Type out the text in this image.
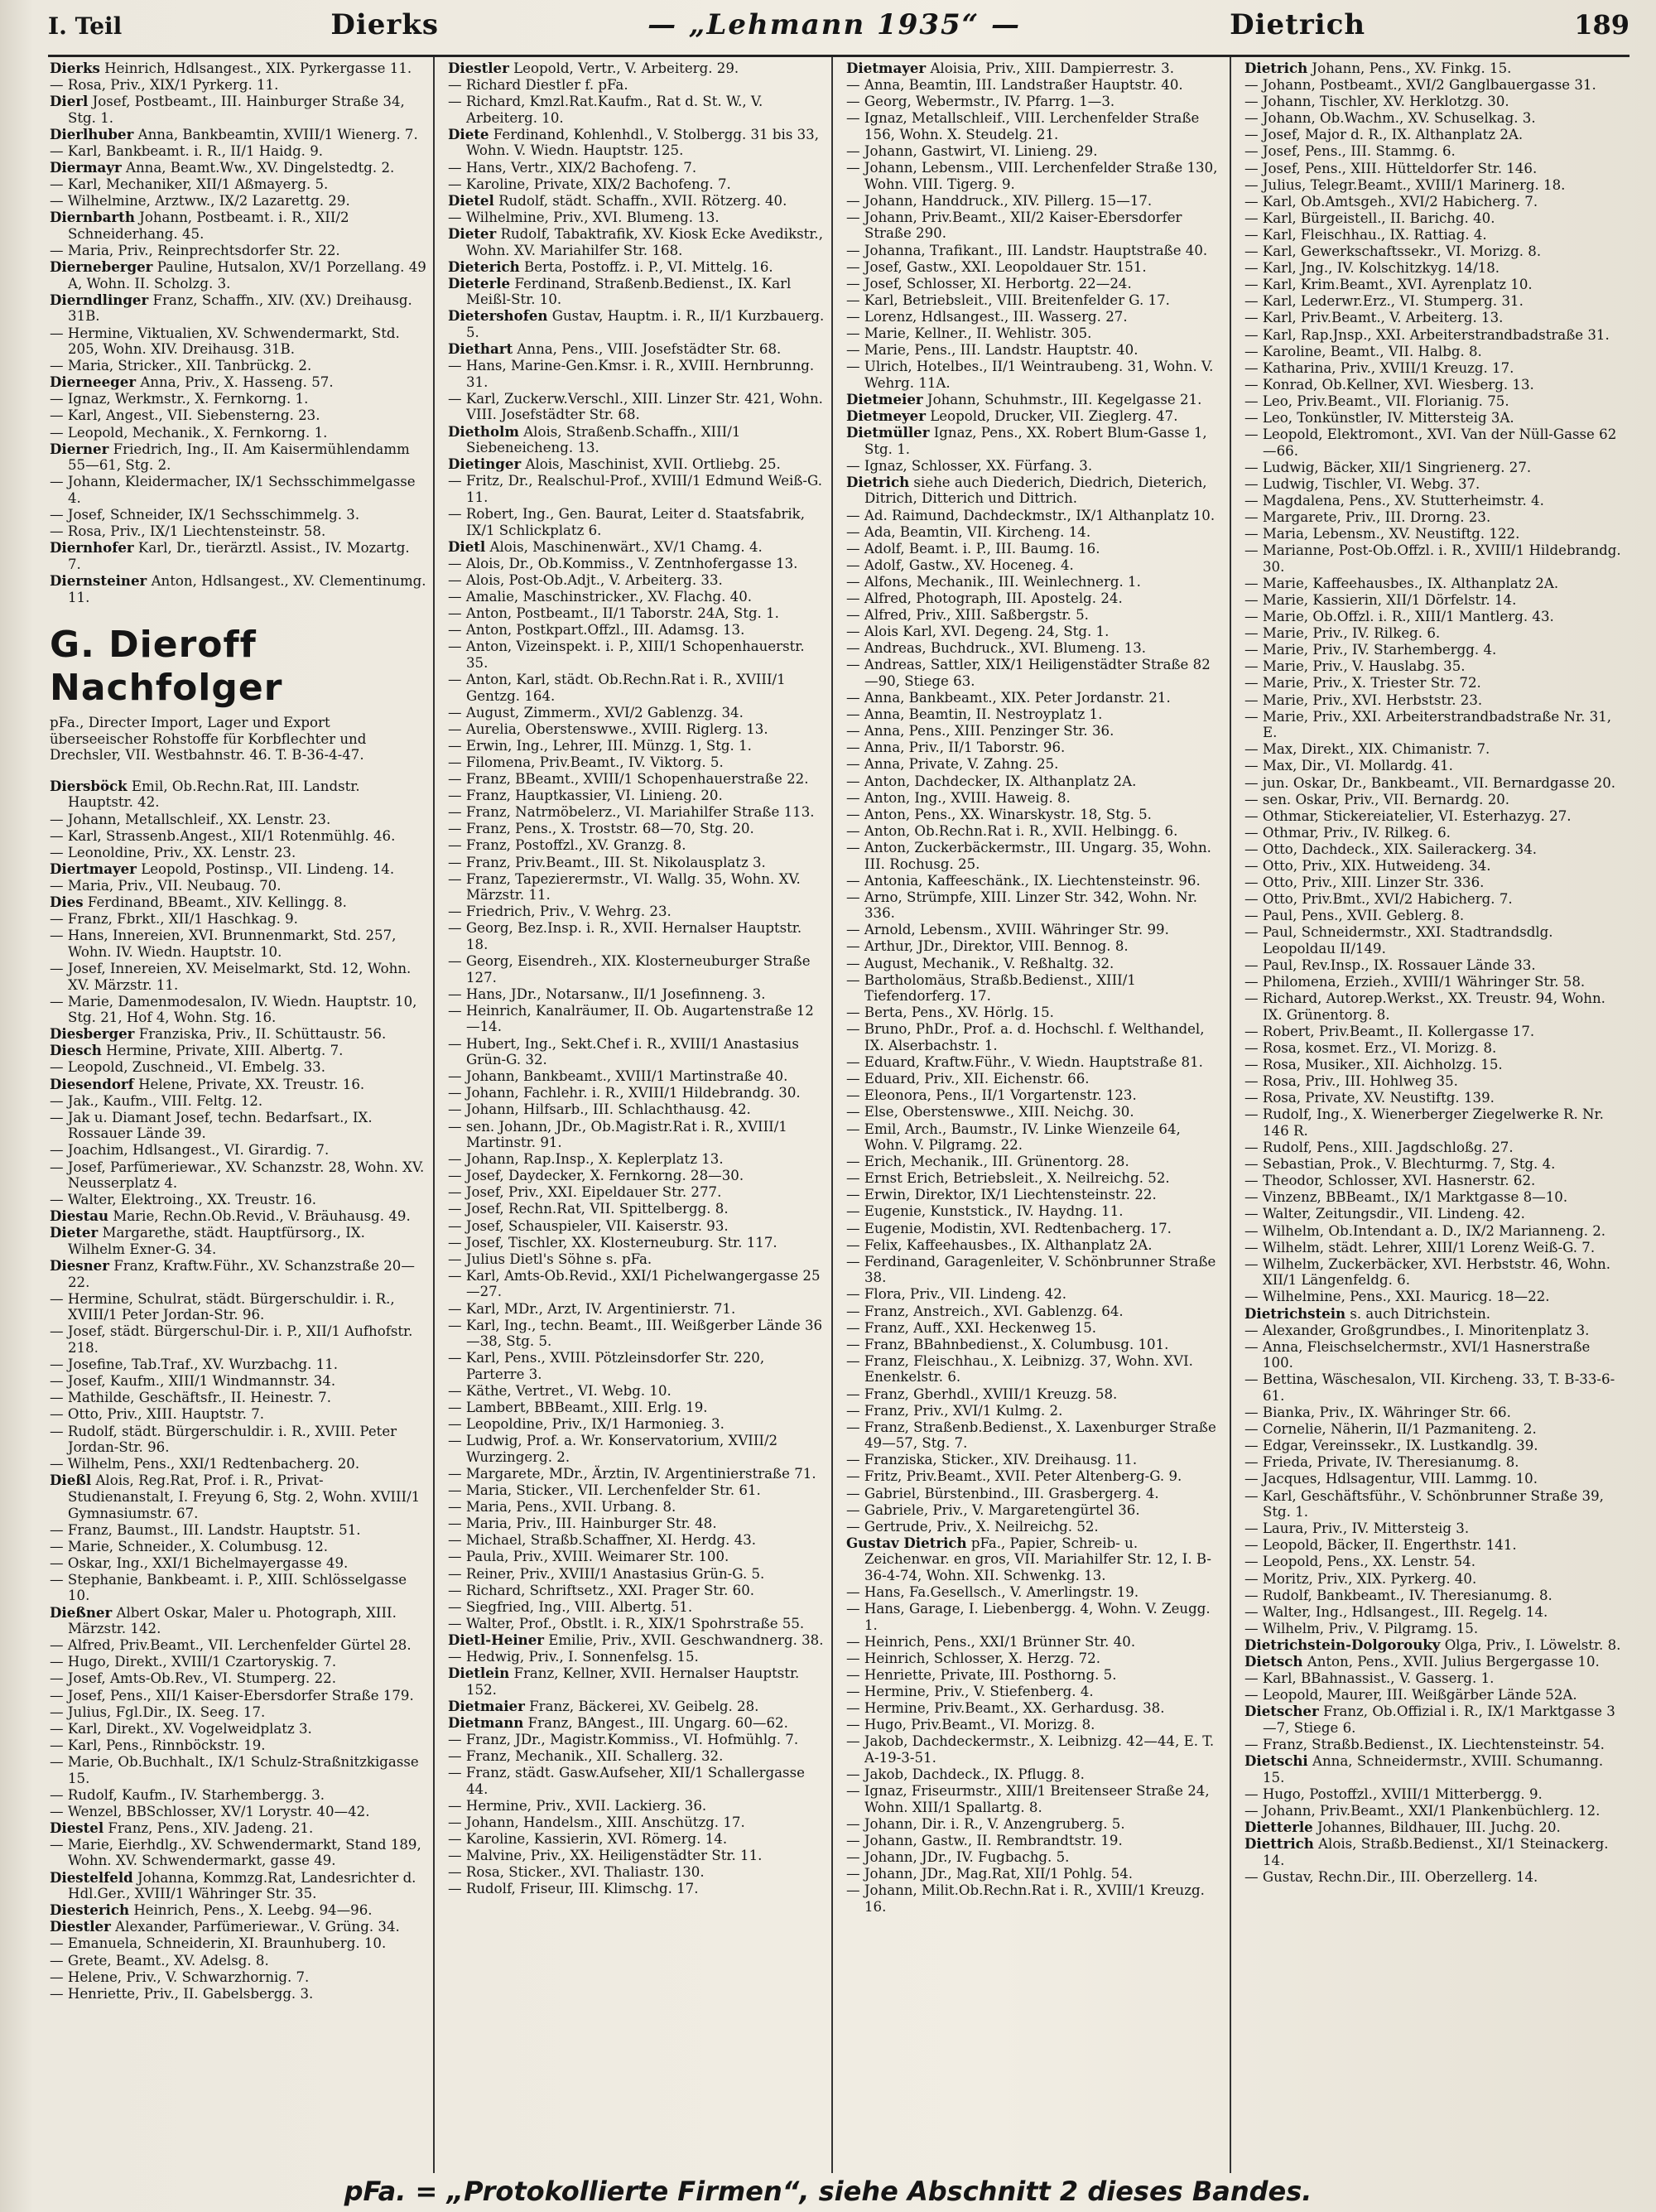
I. Teil	Dierks	— „Lehmann 1935“ —	Dietrich	189
Dierks Heinrich, Hdlsangest., XIX. Pyrkergasse 11.
— Rosa, Priv., XIX/1 Pyrkerg. 11.
Dierl Josef, Postbeamt., III. Hainburger Straße 34, Stg. 1.
Dierlhuber Anna, Bankbeamtin, XVIII/1 Wienerg. 7.
— Karl, Bankbeamt. i. R., II/1 Haidg. 9.
Diermayr Anna, Beamt.Ww., XV. Dingelstedtg. 2.
— Karl, Mechaniker, XII/1 Aßmayerg. 5.
— Wilhelmine, Arztww., IX/2 Lazarettg. 29.
Diernbarth Johann, Postbeamt. i. R., XII/2 Schneiderhang. 45.
— Maria, Priv., Reinprechtsdorfer Str. 22.
Dierneberger Pauline, Hutsalon, XV/1 Porzellang. 49 A, Wohn. II. Scholzg. 3.
Dierndlinger Franz, Schaffn., XIV. (XV.) Dreihausg. 31B.
— Hermine, Viktualien, XV. Schwendermarkt, Std. 205, Wohn. XIV. Dreihausg. 31B.
— Maria, Stricker., XII. Tanbrückg. 2.
Dierneeger Anna, Priv., X. Hasseng. 57.
— Ignaz, Werkmstr., X. Fernkorng. 1.
— Karl, Angest., VII. Siebensterng. 23.
— Leopold, Mechanik., X. Fernkorng. 1.
Dierner Friedrich, Ing., II. Am Kaisermühlendamm 55—61, Stg. 2.
— Johann, Kleidermacher, IX/1 Sechsschimmelgasse 4.
— Josef, Schneider, IX/1 Sechsschimmelg. 3.
— Rosa, Priv., IX/1 Liechtensteinstr. 58.
Diernhofer Karl, Dr., tierärztl. Assist., IV. Mozartg. 7.
Diernsteiner Anton, Hdlsangest., XV. Clementinumg. 11.
G. Dieroff Nachfolger
pFa., Directer Import, Lager und Export überseeischer Rohstoffe für Korbflechter und Drechsler, VII. Westbahnstr. 46. T. B-36-4-47.
Diersböck Emil, Ob.Rechn.Rat, III. Landstr. Hauptstr. 42.
— Johann, Metallschleif., XX. Lenstr. 23.
— Karl, Strassenb.Angest., XII/1 Rotenmühlg. 46.
— Leonoldine, Priv., XX. Lenstr. 23.
Diertmayer Leopold, Postinsp., VII. Lindeng. 14.
— Maria, Priv., VII. Neubaug. 70.
Dies Ferdinand, BBeamt., XIV. Kellingg. 8.
— Franz, Fbrkt., XII/1 Haschkag. 9.
— Hans, Innereien, XVI. Brunnenmarkt, Std. 257, Wohn. IV. Wiedn. Hauptstr. 10.
— Josef, Innereien, XV. Meiselmarkt, Std. 12, Wohn. XV. Märzstr. 11.
— Marie, Damenmodesalon, IV. Wiedn. Hauptstr. 10, Stg. 21, Hof 4, Wohn. Stg. 16.
Diesberger Franziska, Priv., II. Schüttaustr. 56.
Diesch Hermine, Private, XIII. Albertg. 7.
— Leopold, Zuschneid., VI. Embelg. 33.
Diesendorf Helene, Private, XX. Treustr. 16.
— Jak., Kaufm., VIII. Feltg. 12.
— Jak u. Diamant Josef, techn. Bedarfsart., IX. Rossauer Lände 39.
— Joachim, Hdlsangest., VI. Girardig. 7.
— Josef, Parfümeriewar., XV. Schanzstr. 28, Wohn. XV. Neusserplatz 4.
— Walter, Elektroing., XX. Treustr. 16.
Diestau Marie, Rechn.Ob.Revid., V. Bräuhausg. 49.
Dieter Margarethe, städt. Hauptfürsorg., IX. Wilhelm Exner-G. 34.
Diesner Franz, Kraftw.Führ., XV. Schanzstraße 20—22.
— Hermine, Schulrat, städt. Bürgerschuldir. i. R., XVIII/1 Peter Jordan-Str. 96.
— Josef, städt. Bürgerschul-Dir. i. P., XII/1 Aufhofstr. 218.
— Josefine, Tab.Traf., XV. Wurzbachg. 11.
— Josef, Kaufm., XIII/1 Windmannstr. 34.
— Mathilde, Geschäftsfr., II. Heinestr. 7.
— Otto, Priv., XIII. Hauptstr. 7.
— Rudolf, städt. Bürgerschuldir. i. R., XVIII. Peter Jordan-Str. 96.
— Wilhelm, Pens., XXI/1 Redtenbacherg. 20.
Dießl Alois, Reg.Rat, Prof. i. R., Privat-Studienanstalt, I. Freyung 6, Stg. 2, Wohn. XVIII/1 Gymnasiumstr. 67.
— Franz, Baumst., III. Landstr. Hauptstr. 51.
— Marie, Schneider., X. Columbusg. 12.
— Oskar, Ing., XXI/1 Bichelmayergasse 49.
— Stephanie, Bankbeamt. i. P., XIII. Schlösselgasse 10.
Dießner Albert Oskar, Maler u. Photograph, XIII. Märzstr. 142.
— Alfred, Priv.Beamt., VII. Lerchenfelder Gürtel 28.
— Hugo, Direkt., XVIII/1 Czartoryskig. 7.
— Josef, Amts-Ob.Rev., VI. Stumperg. 22.
— Josef, Pens., XII/1 Kaiser-Ebersdorfer Straße 179.
— Julius, Fgl.Dir., IX. Seeg. 17.
— Karl, Direkt., XV. Vogelweidplatz 3.
— Karl, Pens., Rinnböckstr. 19.
— Marie, Ob.Buchhalt., IX/1 Schulz-Straßnitzkigasse 15.
— Rudolf, Kaufm., IV. Starhembergg. 3.
— Wenzel, BBSchlosser, XV/1 Lorystr. 40—42.
Diestel Franz, Pens., XIV. Jadeng. 21.
— Marie, Eierhdlg., XV. Schwendermarkt, Stand 189, Wohn. XV. Schwendermarkt, gasse 49.
Diestelfeld Johanna, Kommzg.Rat, Landesrichter d. Hdl.Ger., XVIII/1 Währinger Str. 35.
Diesterich Heinrich, Pens., X. Leebg. 94—96.
Diestler Alexander, Parfümeriewar., V. Grüng. 34.
— Emanuela, Schneiderin, XI. Braunhuberg. 10.
— Grete, Beamt., XV. Adelsg. 8.
— Helene, Priv., V. Schwarzhornig. 7.
— Henriette, Priv., II. Gabelsbergg. 3.
Diestler Leopold, Vertr., V. Arbeiterg. 29.
— Richard Diestler f. pFa.
— Richard, Kmzl.Rat.Kaufm., Rat d. St. W., V. Arbeiterg. 10.
Diete Ferdinand, Kohlenhdl., V. Stolbergg. 31 bis 33, Wohn. V. Wiedn. Hauptstr. 125.
— Hans, Vertr., XIX/2 Bachofeng. 7.
— Karoline, Private, XIX/2 Bachofeng. 7.
Dietel Rudolf, städt. Schaffn., XVII. Rötzerg. 40.
— Wilhelmine, Priv., XVI. Blumeng. 13.
Dieter Rudolf, Tabaktrafik, XV. Kiosk Ecke Avedikstr., Wohn. XV. Mariahilfer Str. 168.
Dieterich Berta, Postoffz. i. P., VI. Mittelg. 16.
Dieterle Ferdinand, Straßenb.Bedienst., IX. Karl Meißl-Str. 10.
Dietershofen Gustav, Hauptm. i. R., II/1 Kurzbauerg. 5.
Diethart Anna, Pens., VIII. Josefstädter Str. 68.
— Hans, Marine-Gen.Kmsr. i. R., XVIII. Hernbrunng. 31.
— Karl, Zuckerw.Verschl., XIII. Linzer Str. 421, Wohn. VIII. Josefstädter Str. 68.
Dietholm Alois, Straßenb.Schaffn., XIII/1 Siebeneicheng. 13.
Dietinger Alois, Maschinist, XVII. Ortliebg. 25.
— Fritz, Dr., Realschul-Prof., XVIII/1 Edmund Weiß-G. 11.
— Robert, Ing., Gen. Baurat, Leiter d. Staatsfabrik, IX/1 Schlickplatz 6.
Dietl Alois, Maschinenwärt., XV/1 Chamg. 4.
— Alois, Dr., Ob.Kommiss., V. Zentnhofergasse 13.
— Alois, Post-Ob.Adjt., V. Arbeiterg. 33.
— Amalie, Maschinstricker., XV. Flachg. 40.
— Anton, Postbeamt., II/1 Taborstr. 24A, Stg. 1.
— Anton, Postkpart.Offzl., III. Adamsg. 13.
— Anton, Vizeinspekt. i. P., XIII/1 Schopenhauerstr. 35.
— Anton, Karl, städt. Ob.Rechn.Rat i. R., XVIII/1 Gentzg. 164.
— August, Zimmerm., XVI/2 Gablenzg. 34.
— Aurelia, Oberstenswwe., XVIII. Riglerg. 13.
— Erwin, Ing., Lehrer, III. Münzg. 1, Stg. 1.
— Filomena, Priv.Beamt., IV. Viktorg. 5.
— Franz, BBeamt., XVIII/1 Schopenhauerstraße 22.
— Franz, Hauptkassier, VI. Linieng. 20.
— Franz, Natrmöbelerz., VI. Mariahilfer Straße 113.
— Franz, Pens., X. Troststr. 68—70, Stg. 20.
— Franz, Postoffzl., XV. Granzg. 8.
— Franz, Priv.Beamt., III. St. Nikolausplatz 3.
— Franz, Tapezierermstr., VI. Wallg. 35, Wohn. XV. Märzstr. 11.
— Friedrich, Priv., V. Wehrg. 23.
— Georg, Bez.Insp. i. R., XVII. Hernalser Hauptstr. 18.
— Georg, Eisendreh., XIX. Klosterneuburger Straße 127.
— Hans, JDr., Notarsanw., II/1 Josefinneng. 3.
— Heinrich, Kanalräumer, II. Ob. Augartenstraße 12—14.
— Hubert, Ing., Sekt.Chef i. R., XVIII/1 Anastasius Grün-G. 32.
— Johann, Bankbeamt., XVIII/1 Martinstraße 40.
— Johann, Fachlehr. i. R., XVIII/1 Hildebrandg. 30.
— Johann, Hilfsarb., III. Schlachthausg. 42.
— sen. Johann, JDr., Ob.Magistr.Rat i. R., XVIII/1 Martinstr. 91.
— Johann, Rap.Insp., X. Keplerplatz 13.
— Josef, Daydecker, X. Fernkorng. 28—30.
— Josef, Priv., XXI. Eipeldauer Str. 277.
— Josef, Rechn.Rat, VII. Spittelbergg. 8.
— Josef, Schauspieler, VII. Kaiserstr. 93.
— Josef, Tischler, XX. Klosterneuburg. Str. 117.
— Julius Dietl's Söhne s. pFa.
— Karl, Amts-Ob.Revid., XXI/1 Pichelwangergasse 25—27.
— Karl, MDr., Arzt, IV. Argentinierstr. 71.
— Karl, Ing., techn. Beamt., III. Weißgerber Lände 36—38, Stg. 5.
— Karl, Pens., XVIII. Pötzleinsdorfer Str. 220, Parterre 3.
— Käthe, Vertret., VI. Webg. 10.
— Lambert, BBBeamt., XIII. Erlg. 19.
— Leopoldine, Priv., IX/1 Harmonieg. 3.
— Ludwig, Prof. a. Wr. Konservatorium, XVIII/2 Wurzingerg. 2.
— Margarete, MDr., Ärztin, IV. Argentinierstraße 71.
— Maria, Sticker., VII. Lerchenfelder Str. 61.
— Maria, Pens., XVII. Urbang. 8.
— Maria, Priv., III. Hainburger Str. 48.
— Michael, Straßb.Schaffner, XI. Herdg. 43.
— Paula, Priv., XVIII. Weimarer Str. 100.
— Reiner, Priv., XVIII/1 Anastasius Grün-G. 5.
— Richard, Schriftsetz., XXI. Prager Str. 60.
— Siegfried, Ing., VIII. Albertg. 51.
— Walter, Prof., Obstlt. i. R., XIX/1 Spohrstraße 55.
Dietl-Heiner Emilie, Priv., XVII. Geschwandnerg. 38.
— Hedwig, Priv., I. Sonnenfelsg. 15.
Dietlein Franz, Kellner, XVII. Hernalser Hauptstr. 152.
Dietmaier Franz, Bäckerei, XV. Geibelg. 28.
Dietmann Franz, BAngest., III. Ungarg. 60—62.
— Franz, JDr., Magistr.Kommiss., VI. Hofmühlg. 7.
— Franz, Mechanik., XII. Schallerg. 32.
— Franz, städt. Gasw.Aufseher, XII/1 Schallergasse 44.
— Hermine, Priv., XVII. Lackierg. 36.
— Johann, Handelsm., XIII. Anschützg. 17.
— Karoline, Kassierin, XVI. Römerg. 14.
— Malvine, Priv., XX. Heiligenstädter Str. 11.
— Rosa, Sticker., XVI. Thaliastr. 130.
— Rudolf, Friseur, III. Klimschg. 17.
Dietmayer Aloisia, Priv., XIII. Dampierrestr. 3.
— Anna, Beamtin, III. Landstraßer Hauptstr. 40.
— Georg, Webermstr., IV. Pfarrg. 1—3.
— Ignaz, Metallschleif., VIII. Lerchenfelder Straße 156, Wohn. X. Steudelg. 21.
— Johann, Gastwirt, VI. Linieng. 29.
— Johann, Lebensm., VIII. Lerchenfelder Straße 130, Wohn. VIII. Tigerg. 9.
— Johann, Handdruck., XIV. Pillerg. 15—17.
— Johann, Priv.Beamt., XII/2 Kaiser-Ebersdorfer Straße 290.
— Johanna, Trafikant., III. Landstr. Hauptstraße 40.
— Josef, Gastw., XXI. Leopoldauer Str. 151.
— Josef, Schlosser, XI. Herbortg. 22—24.
— Karl, Betriebsleit., VIII. Breitenfelder G. 17.
— Lorenz, Hdlsangest., III. Wasserg. 27.
— Marie, Kellner., II. Wehlistr. 305.
— Marie, Pens., III. Landstr. Hauptstr. 40.
— Ulrich, Hotelbes., II/1 Weintraubeng. 31, Wohn. V. Wehrg. 11A.
Dietmeier Johann, Schuhmstr., III. Kegelgasse 21.
Dietmeyer Leopold, Drucker, VII. Zieglerg. 47.
Dietmüller Ignaz, Pens., XX. Robert Blum-Gasse 1, Stg. 1.
— Ignaz, Schlosser, XX. Fürfang. 3.
Dietrich siehe auch Diederich, Diedrich, Dieterich, Ditrich, Ditterich und Dittrich.
— Ad. Raimund, Dachdeckmstr., IX/1 Althanplatz 10.
— Ada, Beamtin, VII. Kircheng. 14.
— Adolf, Beamt. i. P., III. Baumg. 16.
— Adolf, Gastw., XV. Hoceneg. 4.
— Alfons, Mechanik., III. Weinlechnerg. 1.
— Alfred, Photograph, III. Apostelg. 24.
— Alfred, Priv., XIII. Saßbergstr. 5.
— Alois Karl, XVI. Degeng. 24, Stg. 1.
— Andreas, Buchdruck., XVI. Blumeng. 13.
— Andreas, Sattler, XIX/1 Heiligenstädter Straße 82—90, Stiege 63.
— Anna, Bankbeamt., XIX. Peter Jordanstr. 21.
— Anna, Beamtin, II. Nestroyplatz 1.
— Anna, Pens., XIII. Penzinger Str. 36.
— Anna, Priv., II/1 Taborstr. 96.
— Anna, Private, V. Zahng. 25.
— Anton, Dachdecker, IX. Althanplatz 2A.
— Anton, Ing., XVIII. Haweig. 8.
— Anton, Pens., XX. Winarskystr. 18, Stg. 5.
— Anton, Ob.Rechn.Rat i. R., XVII. Helbingg. 6.
— Anton, Zuckerbäckermstr., III. Ungarg. 35, Wohn. III. Rochusg. 25.
— Antonia, Kaffeeschänk., IX. Liechtensteinstr. 96.
— Arno, Strümpfe, XIII. Linzer Str. 342, Wohn. Nr. 336.
— Arnold, Lebensm., XVIII. Währinger Str. 99.
— Arthur, JDr., Direktor, VIII. Bennog. 8.
— August, Mechanik., V. Reßhaltg. 32.
— Bartholomäus, Straßb.Bedienst., XIII/1 Tiefendorferg. 17.
— Berta, Pens., XV. Hörlg. 15.
— Bruno, PhDr., Prof. a. d. Hochschl. f. Welthandel, IX. Alserbachstr. 1.
— Eduard, Kraftw.Führ., V. Wiedn. Hauptstraße 81.
— Eduard, Priv., XII. Eichenstr. 66.
— Eleonora, Pens., II/1 Vorgartenstr. 123.
— Else, Oberstenswwe., XIII. Neichg. 30.
— Emil, Arch., Baumstr., IV. Linke Wienzeile 64, Wohn. V. Pilgramg. 22.
— Erich, Mechanik., III. Grünentorg. 28.
— Ernst Erich, Betriebsleit., X. Neilreichg. 52.
— Erwin, Direktor, IX/1 Liechtensteinstr. 22.
— Eugenie, Kunststick., IV. Haydng. 11.
— Eugenie, Modistin, XVI. Redtenbacherg. 17.
— Felix, Kaffeehausbes., IX. Althanplatz 2A.
— Ferdinand, Garagenleiter, V. Schönbrunner Straße 38.
— Flora, Priv., VII. Lindeng. 42.
— Franz, Anstreich., XVI. Gablenzg. 64.
— Franz, Auff., XXI. Heckenweg 15.
— Franz, BBahnbedienst., X. Columbusg. 101.
— Franz, Fleischhau., X. Leibnizg. 37, Wohn. XVI. Enenkelstr. 6.
— Franz, Gberhdl., XVIII/1 Kreuzg. 58.
— Franz, Priv., XVI/1 Kulmg. 2.
— Franz, Straßenb.Bedienst., X. Laxenburger Straße 49—57, Stg. 7.
— Franziska, Sticker., XIV. Dreihausg. 11.
— Fritz, Priv.Beamt., XVII. Peter Altenberg-G. 9.
— Gabriel, Bürstenbind., III. Grasbergerg. 4.
— Gabriele, Priv., V. Margaretengürtel 36.
— Gertrude, Priv., X. Neilreichg. 52.
Gustav Dietrich pFa., Papier, Schreib- u. Zeichenwar. en gros, VII. Mariahilfer Str. 12, I. B-36-4-74, Wohn. XII. Schwenkg. 13.
— Hans, Fa.Gesellsch., V. Amerlingstr. 19.
— Hans, Garage, I. Liebenbergg. 4, Wohn. V. Zeugg. 1.
— Heinrich, Pens., XXI/1 Brünner Str. 40.
— Heinrich, Schlosser, X. Herzg. 72.
— Henriette, Private, III. Posthorng. 5.
— Hermine, Priv., V. Stiefenberg. 4.
— Hermine, Priv.Beamt., XX. Gerhardusg. 38.
— Hugo, Priv.Beamt., VI. Morizg. 8.
— Jakob, Dachdeckermstr., X. Leibnizg. 42—44, E. T. A-19-3-51.
— Jakob, Dachdeck., IX. Pflugg. 8.
— Ignaz, Friseurmstr., XIII/1 Breitenseer Straße 24, Wohn. XIII/1 Spallartg. 8.
— Johann, Dir. i. R., V. Anzengruberg. 5.
— Johann, Gastw., II. Rembrandtstr. 19.
— Johann, JDr., IV. Fugbachg. 5.
— Johann, JDr., Mag.Rat, XII/1 Pohlg. 54.
— Johann, Milit.Ob.Rechn.Rat i. R., XVIII/1 Kreuzg. 16.
Dietrich Johann, Pens., XV. Finkg. 15.
— Johann, Postbeamt., XVI/2 Ganglbauergasse 31.
— Johann, Tischler, XV. Herklotzg. 30.
— Johann, Ob.Wachm., XV. Schuselkag. 3.
— Josef, Major d. R., IX. Althanplatz 2A.
— Josef, Pens., III. Stammg. 6.
— Josef, Pens., XIII. Hütteldorfer Str. 146.
— Julius, Telegr.Beamt., XVIII/1 Marinerg. 18.
— Karl, Ob.Amtsgeh., XVI/2 Habicherg. 7.
— Karl, Bürgeistell., II. Barichg. 40.
— Karl, Fleischhau., IX. Rattiag. 4.
— Karl, Gewerkschaftssekr., VI. Morizg. 8.
— Karl, Jng., IV. Kolschitzkyg. 14/18.
— Karl, Krim.Beamt., XVI. Ayrenplatz 10.
— Karl, Lederwr.Erz., VI. Stumperg. 31.
— Karl, Priv.Beamt., V. Arbeiterg. 13.
— Karl, Rap.Jnsp., XXI. Arbeiterstrandbadstraße 31.
— Karoline, Beamt., VII. Halbg. 8.
— Katharina, Priv., XVIII/1 Kreuzg. 17.
— Konrad, Ob.Kellner, XVI. Wiesberg. 13.
— Leo, Priv.Beamt., VII. Florianig. 75.
— Leo, Tonkünstler, IV. Mittersteig 3A.
— Leopold, Elektromont., XVI. Van der Nüll-Gasse 62—66.
— Ludwig, Bäcker, XII/1 Singrienerg. 27.
— Ludwig, Tischler, VI. Webg. 37.
— Magdalena, Pens., XV. Stutterheimstr. 4.
— Margarete, Priv., III. Drorng. 23.
— Maria, Lebensm., XV. Neustiftg. 122.
— Marianne, Post-Ob.Offzl. i. R., XVIII/1 Hildebrandg. 30.
— Marie, Kaffeehausbes., IX. Althanplatz 2A.
— Marie, Kassierin, XII/1 Dörfelstr. 14.
— Marie, Ob.Offzl. i. R., XIII/1 Mantlerg. 43.
— Marie, Priv., IV. Rilkeg. 6.
— Marie, Priv., IV. Starhembergg. 4.
— Marie, Priv., V. Hauslabg. 35.
— Marie, Priv., X. Triester Str. 72.
— Marie, Priv., XVI. Herbststr. 23.
— Marie, Priv., XXI. Arbeiterstrandbadstraße Nr. 31, E.
— Max, Direkt., XIX. Chimanistr. 7.
— Max, Dir., VI. Mollardg. 41.
— jun. Oskar, Dr., Bankbeamt., VII. Bernardgasse 20.
— sen. Oskar, Priv., VII. Bernardg. 20.
— Othmar, Stickereiatelier, VI. Esterhazyg. 27.
— Othmar, Priv., IV. Rilkeg. 6.
— Otto, Dachdeck., XIX. Sailerackerg. 34.
— Otto, Priv., XIX. Hutweideng. 34.
— Otto, Priv., XIII. Linzer Str. 336.
— Otto, Priv.Bmt., XVI/2 Habicherg. 7.
— Paul, Pens., XVII. Geblerg. 8.
— Paul, Schneidermstr., XXI. Stadtrandsdlg. Leopoldau II/149.
— Paul, Rev.Insp., IX. Rossauer Lände 33.
— Philomena, Erzieh., XVIII/1 Währinger Str. 58.
— Richard, Autorep.Werkst., XX. Treustr. 94, Wohn. IX. Grünentorg. 8.
— Robert, Priv.Beamt., II. Kollergasse 17.
— Rosa, kosmet. Erz., VI. Morizg. 8.
— Rosa, Musiker., XII. Aichholzg. 15.
— Rosa, Priv., III. Hohlweg 35.
— Rosa, Private, XV. Neustiftg. 139.
— Rudolf, Ing., X. Wienerberger Ziegelwerke R. Nr. 146 R.
— Rudolf, Pens., XIII. Jagdschloßg. 27.
— Sebastian, Prok., V. Blechturmg. 7, Stg. 4.
— Theodor, Schlosser, XVI. Hasnerstr. 62.
— Vinzenz, BBBeamt., IX/1 Marktgasse 8—10.
— Walter, Zeitungsdir., VII. Lindeng. 42.
— Wilhelm, Ob.Intendant a. D., IX/2 Marianneng. 2.
— Wilhelm, städt. Lehrer, XIII/1 Lorenz Weiß-G. 7.
— Wilhelm, Zuckerbäcker, XVI. Herbststr. 46, Wohn. XII/1 Längenfeldg. 6.
— Wilhelmine, Pens., XXI. Mauricg. 18—22.
Dietrichstein s. auch Ditrichstein.
— Alexander, Großgrundbes., I. Minoritenplatz 3.
— Anna, Fleischselchermstr., XVI/1 Hasnerstraße 100.
— Bettina, Wäschesalon, VII. Kircheng. 33, T. B-33-6-61.
— Bianka, Priv., IX. Währinger Str. 66.
— Cornelie, Näherin, II/1 Pazmaniteng. 2.
— Edgar, Vereinssekr., IX. Lustkandlg. 39.
— Frieda, Private, IV. Theresianumg. 8.
— Jacques, Hdlsagentur, VIII. Lammg. 10.
— Karl, Geschäftsführ., V. Schönbrunner Straße 39, Stg. 1.
— Laura, Priv., IV. Mittersteig 3.
— Leopold, Bäcker, II. Engerthstr. 141.
— Leopold, Pens., XX. Lenstr. 54.
— Moritz, Priv., XIX. Pyrkerg. 40.
— Rudolf, Bankbeamt., IV. Theresianumg. 8.
— Walter, Ing., Hdlsangest., III. Regelg. 14.
— Wilhelm, Priv., V. Pilgramg. 15.
Dietrichstein-Dolgorouky Olga, Priv., I. Löwelstr. 8.
Dietsch Anton, Pens., XVII. Julius Bergergasse 10.
— Karl, BBahnassist., V. Gasserg. 1.
— Leopold, Maurer, III. Weißgärber Lände 52A.
Dietscher Franz, Ob.Offizial i. R., IX/1 Marktgasse 3—7, Stiege 6.
— Franz, Straßb.Bedienst., IX. Liechtensteinstr. 54.
Dietschi Anna, Schneidermstr., XVIII. Schumanng. 15.
— Hugo, Postoffzl., XVIII/1 Mitterbergg. 9.
— Johann, Priv.Beamt., XXI/1 Plankenbüchlerg. 12.
Dietterle Johannes, Bildhauer, III. Juchg. 20.
Diettrich Alois, Straßb.Bedienst., XI/1 Steinackerg. 14.
— Gustav, Rechn.Dir., III. Oberzellerg. 14.
pFa. = „Protokollierte Firmen“, siehe Abschnitt 2 dieses Bandes.
